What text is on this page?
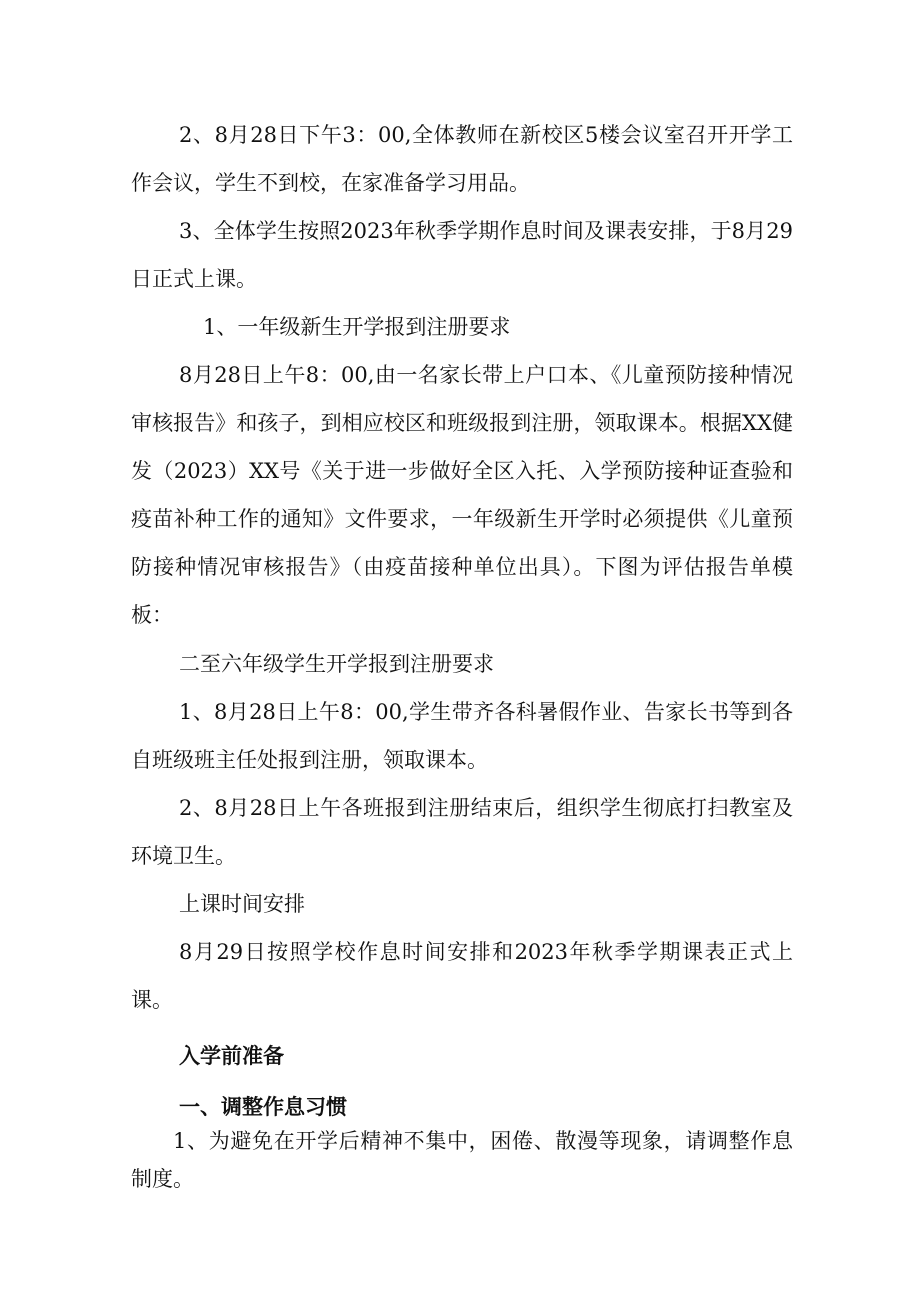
2、8月28日下午3：00,全体教师在新校区5楼会议室召开开学工作会议，学生不到校，在家准备学习用品。

3、全体学生按照2023年秋季学期作息时间及课表安排，于8月29日正式上课。

1、一年级新生开学报到注册要求

8月28日上午8：00,由一名家长带上户口本、《儿童预防接种情况审核报告》和孩子，到相应校区和班级报到注册，领取课本。根据XX健发（2023）XX号《关于进一步做好全区入托、入学预防接种证查验和疫苗补种工作的通知》文件要求，一年级新生开学时必须提供《儿童预防接种情况审核报告》（由疫苗接种单位出具）。下图为评估报告单模板：

二至六年级学生开学报到注册要求

1、8月28日上午8：00,学生带齐各科暑假作业、告家长书等到各自班级班主任处报到注册，领取课本。

2、8月28日上午各班报到注册结束后，组织学生彻底打扫教室及环境卫生。

上课时间安排

8月29日按照学校作息时间安排和2023年秋季学期课表正式上课。

入学前准备

一、调整作息习惯

1、为避免在开学后精神不集中，困倦、散漫等现象，请调整作息制度。
